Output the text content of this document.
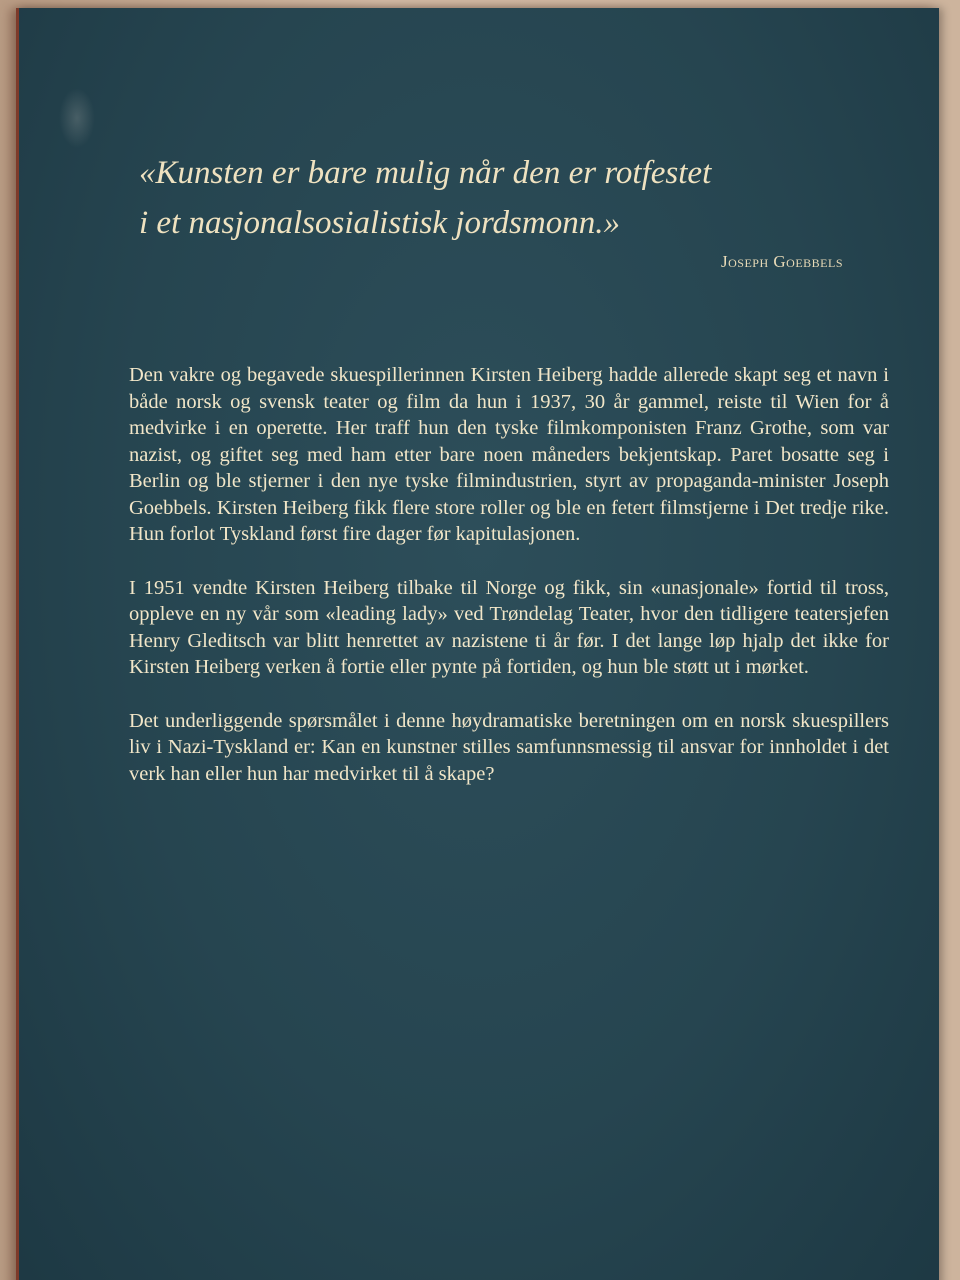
«Kunsten er bare mulig når den er rotfestet
i et nasjonalsosialistisk jordsmonn.»
Joseph Goebbels

Den vakre og begavede skuespillerinnen Kirsten Heiberg hadde allerede skapt seg et navn i både norsk og svensk teater og film da hun i 1937, 30 år gammel, reiste til Wien for å medvirke i en operette. Her traff hun den tyske filmkomponisten Franz Grothe, som var nazist, og giftet seg med ham etter bare noen måneders bekjentskap. Paret bosatte seg i Berlin og ble stjerner i den nye tyske filmindustrien, styrt av propaganda-minister Joseph Goebbels. Kirsten Heiberg fikk flere store roller og ble en fetert filmstjerne i Det tredje rike. Hun forlot Tyskland først fire dager før kapitulasjonen.

I 1951 vendte Kirsten Heiberg tilbake til Norge og fikk, sin «unasjonale» fortid til tross, oppleve en ny vår som «leading lady» ved Trøndelag Teater, hvor den tidligere teatersjefen Henry Gleditsch var blitt henrettet av nazistene ti år før. I det lange løp hjalp det ikke for Kirsten Heiberg verken å fortie eller pynte på fortiden, og hun ble støtt ut i mørket.

Det underliggende spørsmålet i denne høydramatiske beretningen om en norsk skuespillers liv i Nazi-Tyskland er: Kan en kunstner stilles samfunnsmessig til ansvar for innholdet i det verk han eller hun har medvirket til å skape?
